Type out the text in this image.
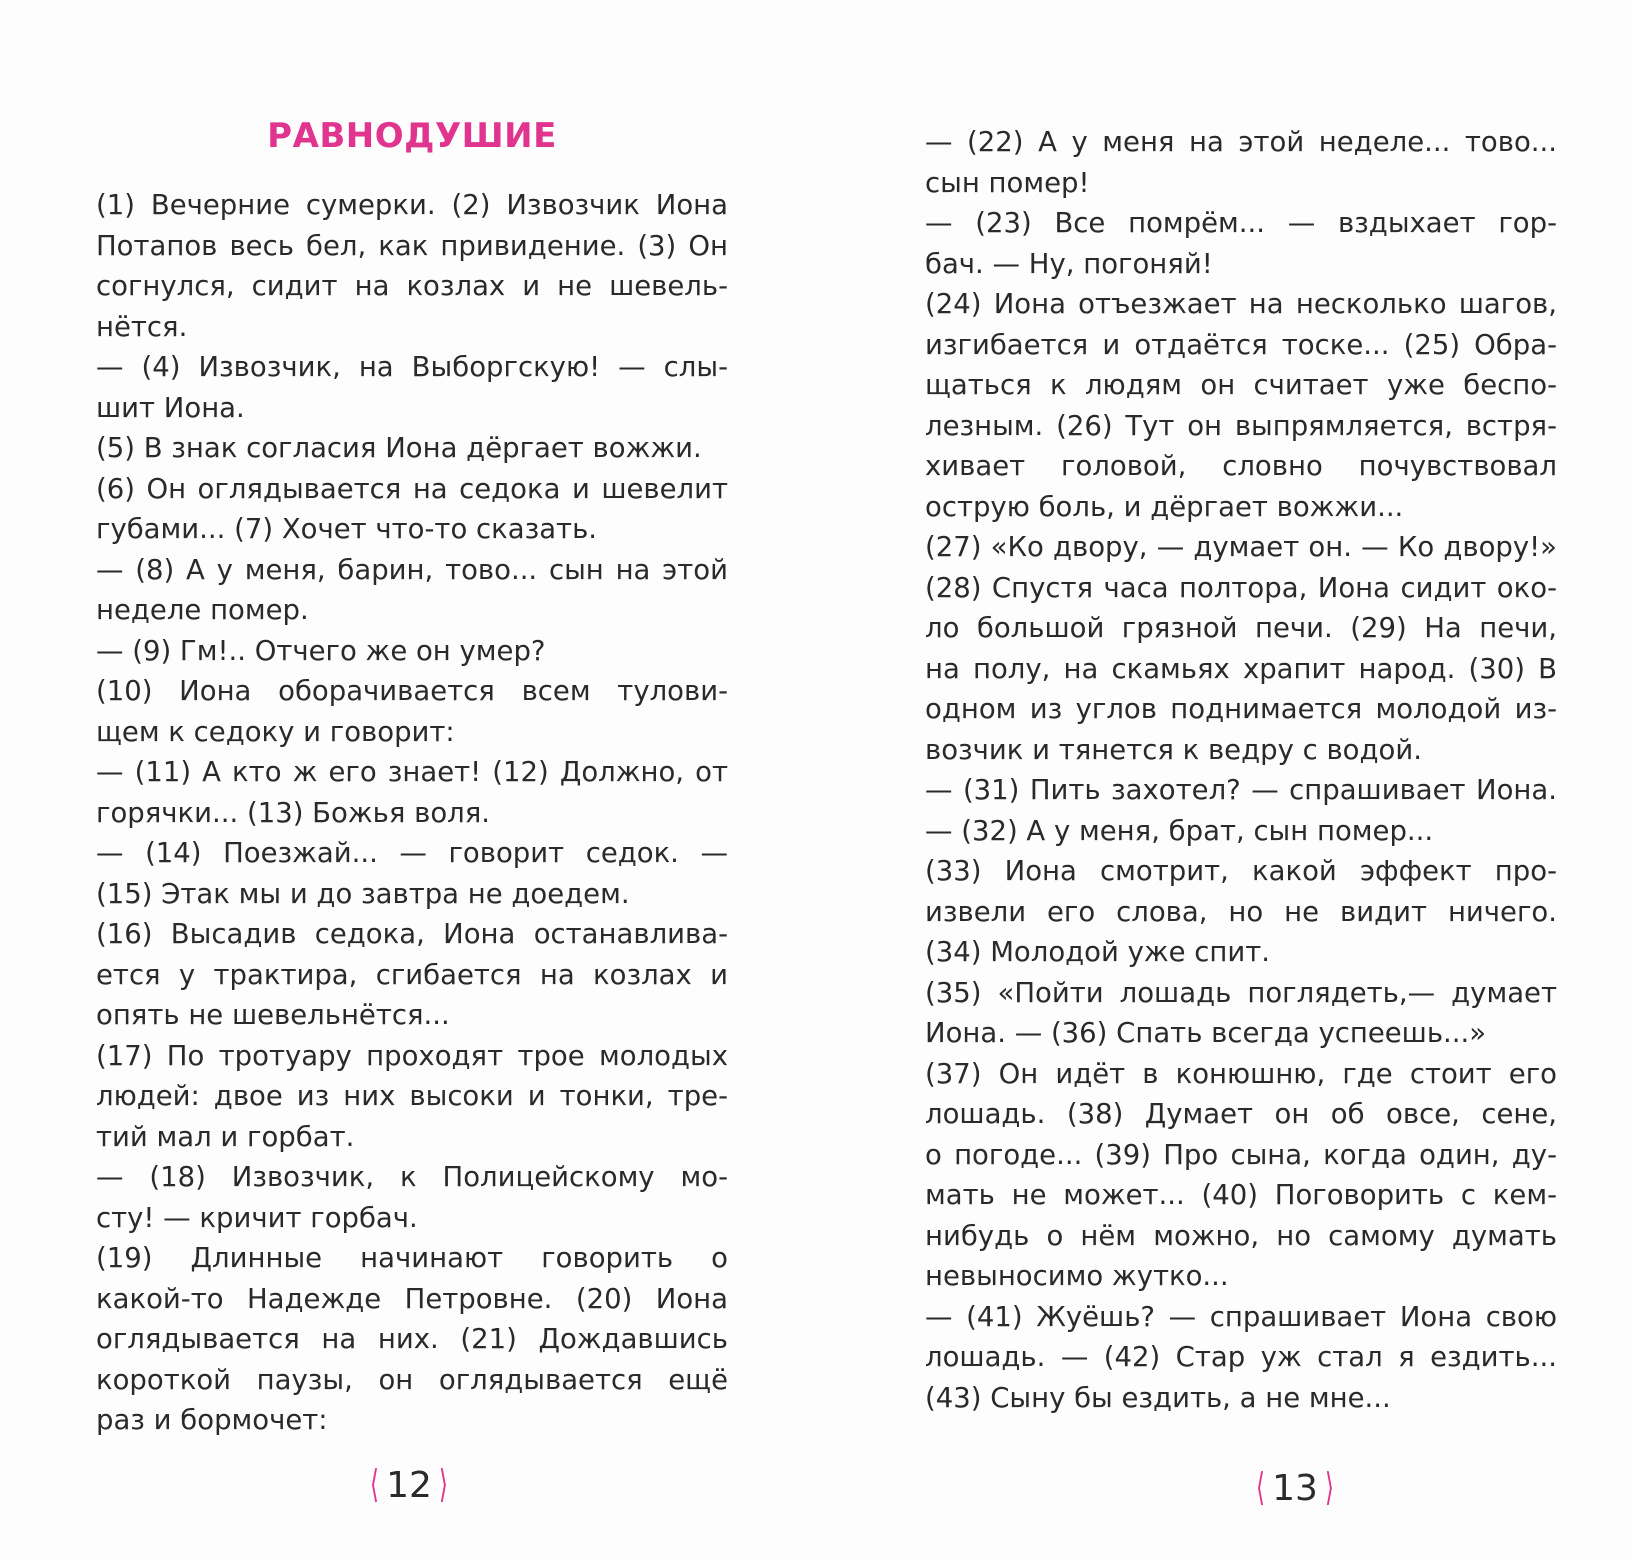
РАВНОДУШИЕ
(1) Вечерние сумерки. (2) Извозчик Иона
Потапов весь бел, как привидение. (3) Он
согнулся, сидит на козлах и не шевель-
нётся.
— (4) Извозчик, на Выборгскую! — слы-
шит Иона.
(5) В знак согласия Иона дёргает вожжи.
(6) Он оглядывается на седока и шевелит
губами... (7) Хочет что-то сказать.
— (8) А у меня, барин, тово... сын на этой
неделе помер.
— (9) Гм!.. Отчего же он умер?
(10) Иона оборачивается всем тулови-
щем к седоку и говорит:
— (11) А кто ж его знает! (12) Должно, от
горячки... (13) Божья воля.
— (14) Поезжай... — говорит седок. —
(15) Этак мы и до завтра не доедем.
(16) Высадив седока, Иона останавлива-
ется у трактира, сгибается на козлах и
опять не шевельнётся...
(17) По тротуару проходят трое молодых
людей: двое из них высоки и тонки, тре-
тий мал и горбат.
— (18) Извозчик, к Полицейскому мо-
сту! — кричит горбач.
(19) Длинные начинают говорить о
какой-то Надежде Петровне. (20) Иона
оглядывается на них. (21) Дождавшись
короткой паузы, он оглядывается ещё
раз и бормочет:
⟨ 12 ⟩
— (22) А у меня на этой неделе... тово...
сын помер!
— (23) Все помрём... — вздыхает гор-
бач. — Ну, погоняй!
(24) Иона отъезжает на несколько шагов,
изгибается и отдаётся тоске... (25) Обра-
щаться к людям он считает уже беспо-
лезным. (26) Тут он выпрямляется, встря-
хивает головой, словно почувствовал
острую боль, и дёргает вожжи...
(27) «Ко двору, — думает он. — Ко двору!»
(28) Спустя часа полтора, Иона сидит око-
ло большой грязной печи. (29) На печи,
на полу, на скамьях храпит народ. (30) В
одном из углов поднимается молодой из-
возчик и тянется к ведру с водой.
— (31) Пить захотел? — спрашивает Иона.
— (32) А у меня, брат, сын помер...
(33) Иона смотрит, какой эффект про-
извели его слова, но не видит ничего.
(34) Молодой уже спит.
(35) «Пойти лошадь поглядеть,— думает
Иона. — (36) Спать всегда успеешь...»
(37) Он идёт в конюшню, где стоит его
лошадь. (38) Думает он об овсе, сене,
о погоде... (39) Про сына, когда один, ду-
мать не может... (40) Поговорить с кем-
нибудь о нём можно, но самому думать
невыносимо жутко...
— (41) Жуёшь? — спрашивает Иона свою
лошадь. — (42) Стар уж стал я ездить...
(43) Сыну бы ездить, а не мне...
⟨ 13 ⟩
